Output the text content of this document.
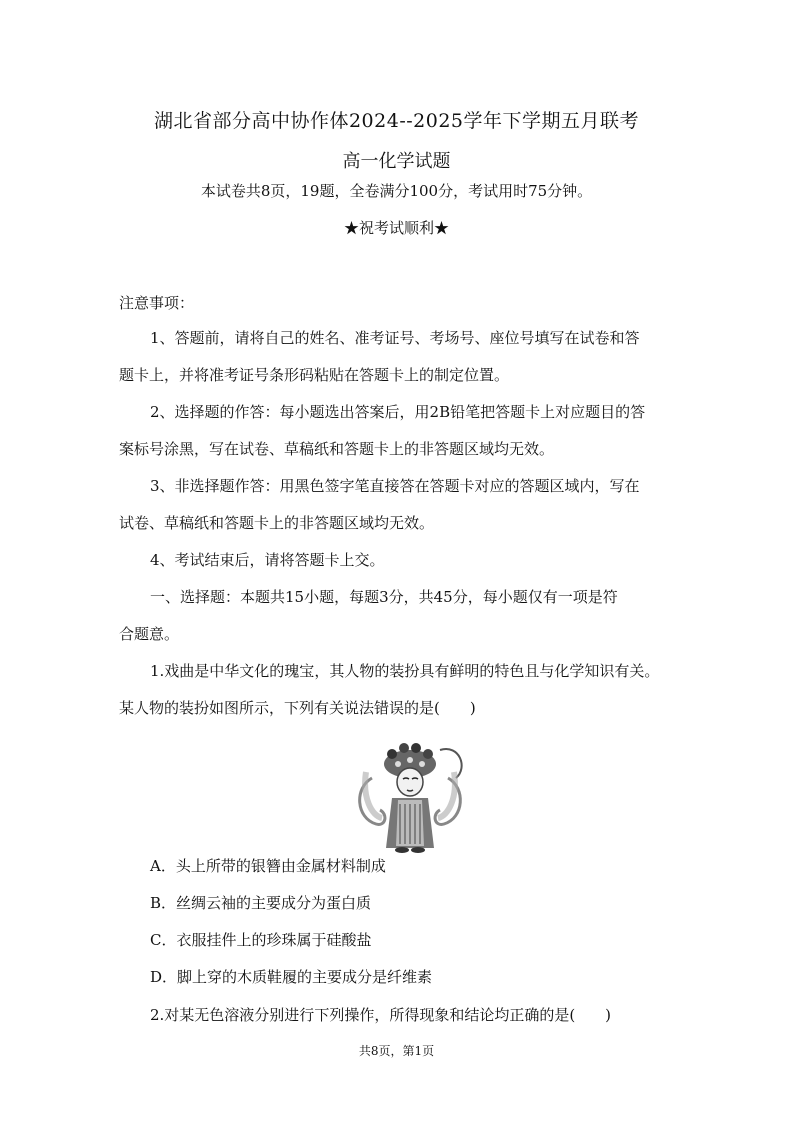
湖北省部分高中协作体2024--2025学年下学期五月联考
高一化学试题
本试卷共8页，19题，全卷满分100分，考试用时75分钟。
★祝考试顺利★
注意事项：
1、答题前，请将自己的姓名、准考证号、考场号、座位号填写在试卷和答
题卡上，并将准考证号条形码粘贴在答题卡上的制定位置。
2、选择题的作答：每小题选出答案后，用2B铅笔把答题卡上对应题目的答
案标号涂黑，写在试卷、草稿纸和答题卡上的非答题区域均无效。
3、非选择题作答：用黑色签字笔直接答在答题卡对应的答题区域内，写在
试卷、草稿纸和答题卡上的非答题区域均无效。
4、考试结束后，请将答题卡上交。
一、选择题：本题共15小题，每题3分，共45分，每小题仅有一项是符
合题意。
1.戏曲是中华文化的瑰宝，其人物的装扮具有鲜明的特色且与化学知识有关。
某人物的装扮如图所示，下列有关说法错误的是(　　)
A．头上所带的银簪由金属材料制成
B．丝绸云袖的主要成分为蛋白质
C．衣服挂件上的珍珠属于硅酸盐
D．脚上穿的木质鞋履的主要成分是纤维素
2.对某无色溶液分别进行下列操作，所得现象和结论均正确的是(　　)
共8页，第1页
